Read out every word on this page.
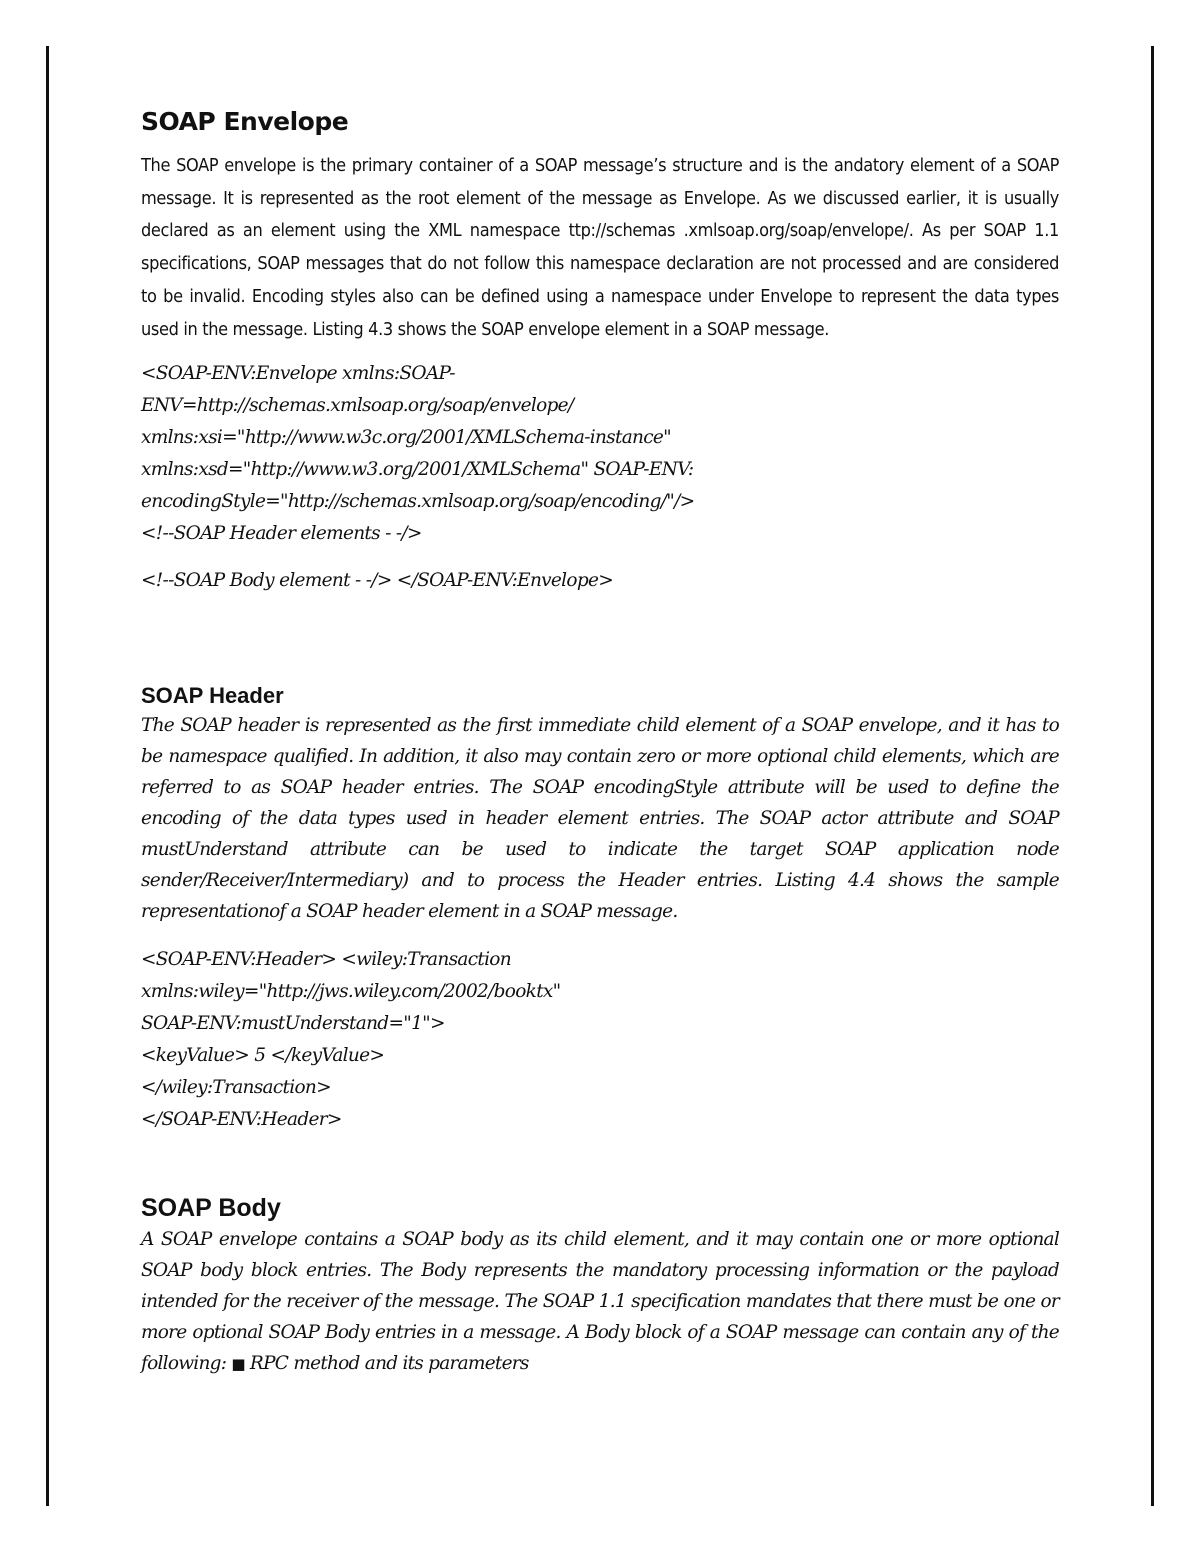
SOAP Envelope

The SOAP envelope is the primary container of a SOAP message’s structure and is the andatory element of a SOAP message. It is represented as the root element of the message as Envelope. As we discussed earlier, it is usually declared as an element using the XML namespace ttp://schemas .xmlsoap.org/soap/envelope/. As per SOAP 1.1 specifications, SOAP messages that do not follow this namespace declaration are not processed and are considered to be invalid. Encoding styles also can be defined using a namespace under Envelope to represent the data types used in the message. Listing 4.3 shows the SOAP envelope element in a SOAP message.

<SOAP-ENV:Envelope xmlns:SOAP-
ENV=http://schemas.xmlsoap.org/soap/envelope/
xmlns:xsi="http://www.w3c.org/2001/XMLSchema-instance"
xmlns:xsd="http://www.w3.org/2001/XMLSchema" SOAP-ENV:
encodingStyle="http://schemas.xmlsoap.org/soap/encoding/"/>
<!--SOAP Header elements - -/>
<!--SOAP Body element - -/> </SOAP-ENV:Envelope>
SOAP Header

The SOAP header is represented as the first immediate child element of a SOAP envelope, and it has to be namespace qualified. In addition, it also may contain zero or more optional child elements, which are referred to as SOAP header entries. The SOAP encodingStyle attribute will be used to define the encoding of the data types used in header element entries. The SOAP actor attribute and SOAP mustUnderstand attribute can be used to indicate the target SOAP application node sender/Receiver/Intermediary) and to process the Header entries. Listing 4.4 shows the sample representationof a SOAP header element in a SOAP message.

<SOAP-ENV:Header> <wiley:Transaction
xmlns:wiley="http://jws.wiley.com/2002/booktx"
SOAP-ENV:mustUnderstand="1">
<keyValue> 5 </keyValue>
</wiley:Transaction>
</SOAP-ENV:Header>
SOAP Body

A SOAP envelope contains a SOAP body as its child element, and it may contain one or more optional SOAP body block entries. The Body represents the mandatory processing information or the payload intended for the receiver of the message. The SOAP 1.1 specification mandates that there must be one or more optional SOAP Body entries in a message. A Body block of a SOAP message can contain any of the following: ■ RPC method and its parameters
